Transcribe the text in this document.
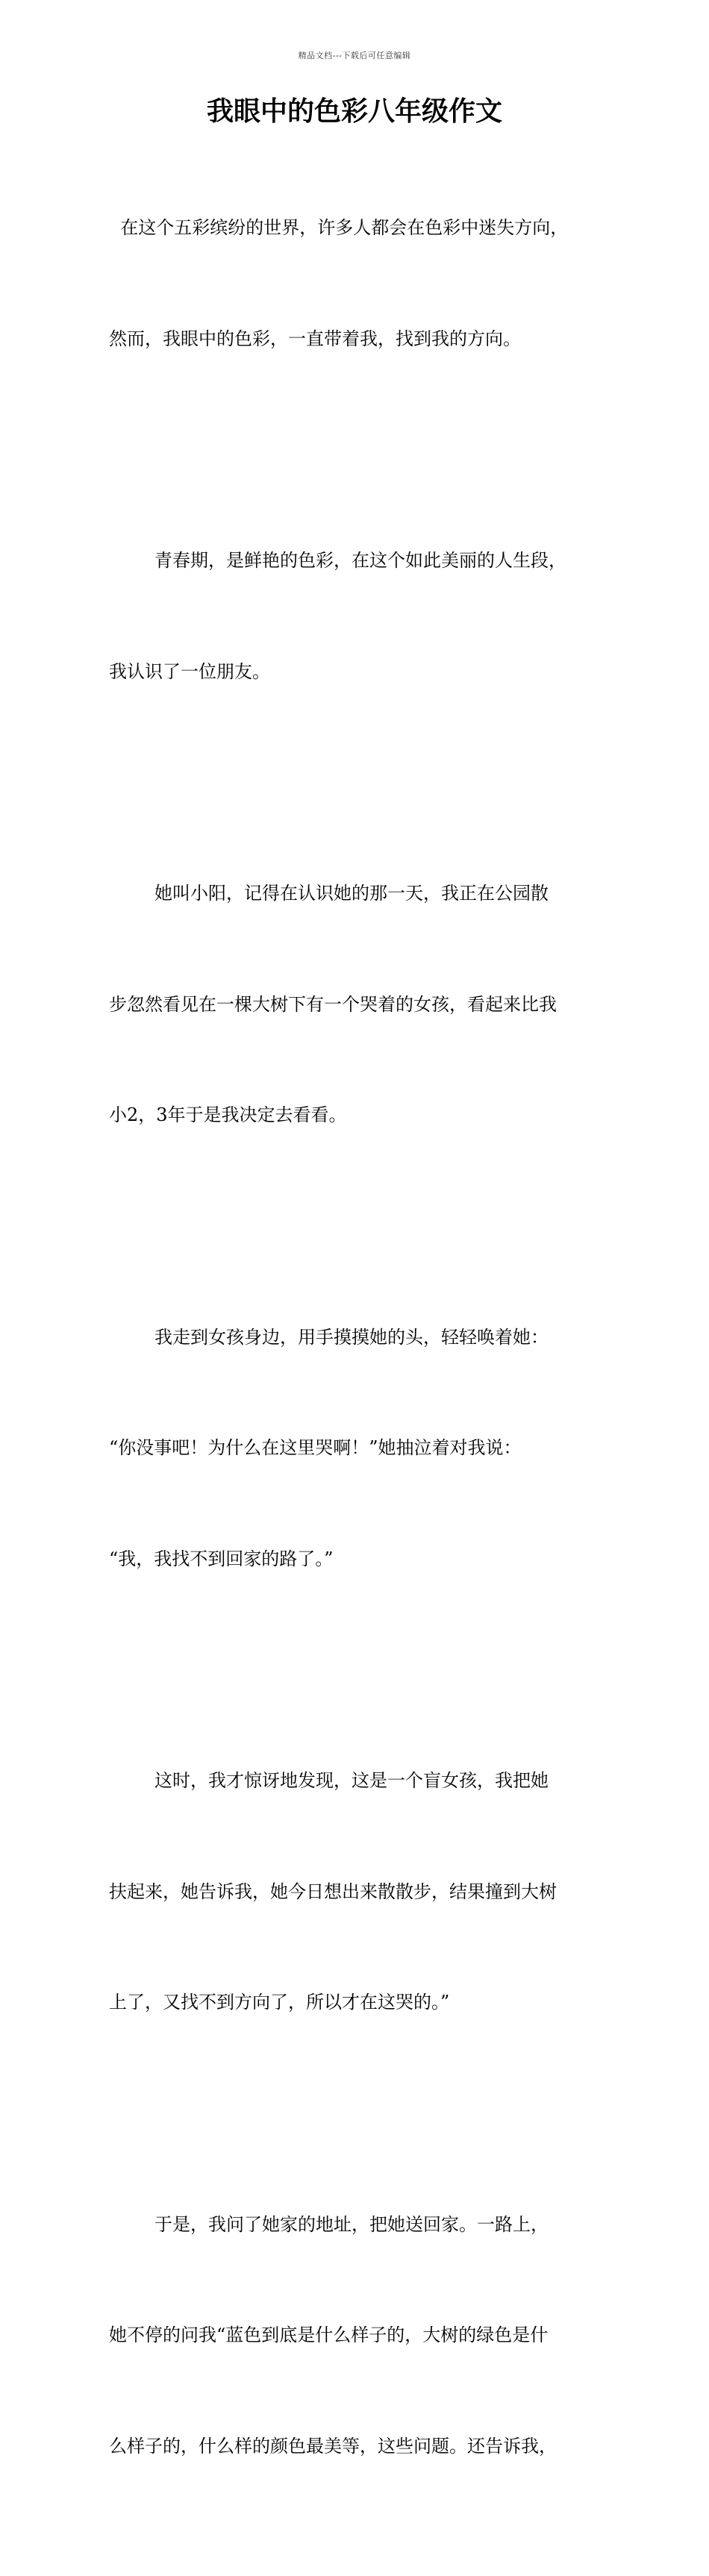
精品文档---下载后可任意编辑
我眼中的色彩八年级作文

在这个五彩缤纷的世界，许多人都会在色彩中迷失方向，

然而，我眼中的色彩，一直带着我，找到我的方向。

青春期，是鲜艳的色彩，在这个如此美丽的人生段，

我认识了一位朋友。

她叫小阳，记得在认识她的那一天，我正在公园散

步忽然看见在一棵大树下有一个哭着的女孩，看起来比我

小2，3年于是我决定去看看。

我走到女孩身边，用手摸摸她的头，轻轻唤着她：

“你没事吧！为什么在这里哭啊！”她抽泣着对我说：

“我，我找不到回家的路了。”

这时，我才惊讶地发现，这是一个盲女孩，我把她

扶起来，她告诉我，她今日想出来散散步，结果撞到大树

上了，又找不到方向了，所以才在这哭的。”

于是，我问了她家的地址，把她送回家。一路上，

她不停的问我“蓝色到底是什么样子的，大树的绿色是什

么样子的，什么样的颜色最美等，这些问题。还告诉我，
